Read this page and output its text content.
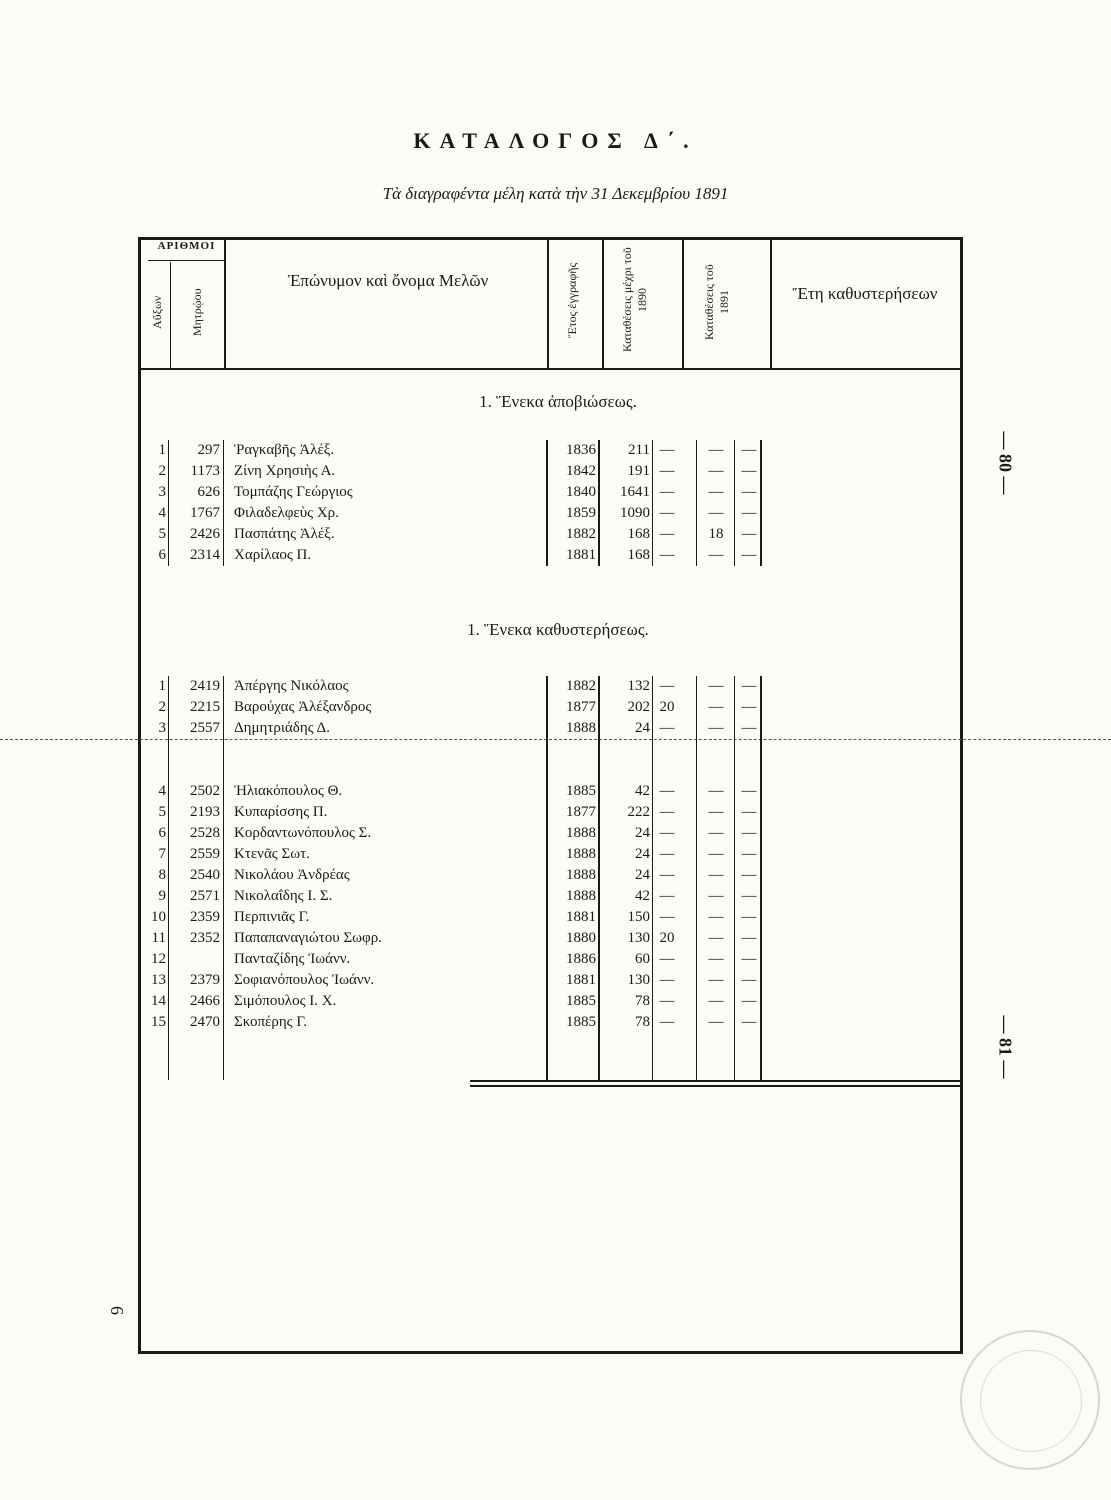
ΚΑΤΑΛΟΓΟΣ Δ΄.
Τὰ διαγραφέντα μέλη κατὰ τὴν 31 Δεκεμβρίου 1891
ΑΡΙΘΜΟΙ
Αὔξων	Μητρῴου
Ἐπώνυμον καὶ ὄνομα Μελῶν	Ἔτος ἐγγραφῆς	Καταθέσεις μέχρι τοῦ 1890	Καταθέσεις τοῦ 1891	Ἔτη καθυστερήσεων
1. Ἕνεκα ἀποβιώσεως.
1. Ἕνεκα καθυστερήσεως.
1	297 Ῥαγκαβῆς Ἀλέξ.	1836	211 —	—	—
2	1173 Ζίνη Χρησιὴς Α.	1842	191 —	—	—
3	626 Τομπάζης Γεώργιος	1840	1641 —	—	—
4	1767 Φιλαδελφεὺς Χρ.	1859	1090 —	—	—
5	2426 Πασπάτης Ἀλέξ.	1882	168 —	18	—
6	2314 Χαρίλαος Π.	1881	168 —	—	—
1	2419 Ἀπέργης Νικόλαος	1882	132 —	—	—
2	2215 Βαρούχας Ἀλέξανδρος	1877	202 20	—	—
3	2557 Δημητριάδης Δ.	1888	24 —	—	—
4	2502 Ἠλιακόπουλος Θ.	1885	42 —	—	—
5	2193 Κυπαρίσσης Π.	1877	222 —	—	—
6	2528 Κορδαντωνόπουλος Σ.	1888	24 —	—	—
7	2559 Κτενᾶς Σωτ.	1888	24 —	—	—
8	2540 Νικολάου Ἀνδρέας	1888	24 —	—	—
9	2571 Νικολαΐδης Ι. Σ.	1888	42 —	—	—
10	2359 Περπινιᾶς Γ.	1881	150 —	—	—
11	2352 Παπαπαναγιώτου Σωφρ.	1880	130 20	—	—
12	Πανταζίδης Ἰωάνν.	1886	60 —	—	—
13	2379 Σοφιανόπουλος Ἰωάνν.	1881	130 —	—	—
14	2466 Σιμόπουλος Ι. Χ.	1885	78 —	—	—
15	2470 Σκοπέρης Γ.	1885	78 —	—	—
— 80 —
— 81 —
6
